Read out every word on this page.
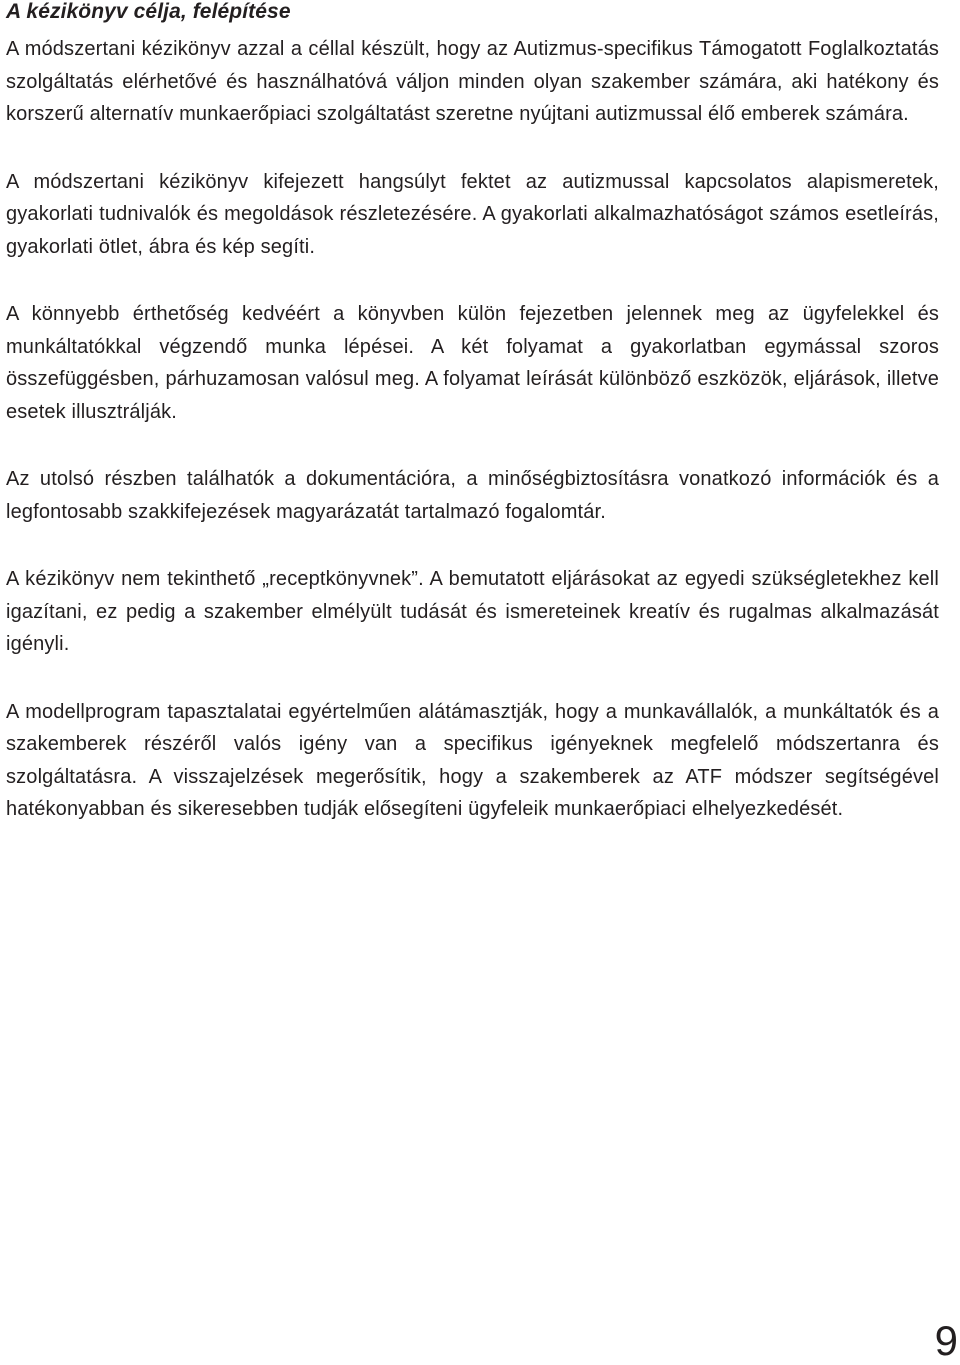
A kézikönyv célja, felépítése

A módszertani kézikönyv azzal a céllal készült, hogy az Autizmus-specifikus Támogatott Foglalkoztatás szolgáltatás elérhetővé és használhatóvá váljon minden olyan szakember számára, aki hatékony és korszerű alternatív munkaerőpiaci szolgáltatást szeretne nyújtani autizmussal élő emberek számára.

A módszertani kézikönyv kifejezett hangsúlyt fektet az autizmussal kapcsolatos alapismeretek, gyakorlati tudnivalók és megoldások részletezésére. A gyakorlati alkalmazhatóságot számos esetleírás, gyakorlati ötlet, ábra és kép segíti.

A könnyebb érthetőség kedvéért a könyvben külön fejezetben jelennek meg az ügyfelekkel és munkáltatókkal végzendő munka lépései. A két folyamat a gyakorlatban egymással szoros összefüggésben, párhuzamosan valósul meg. A folyamat leírását különböző eszközök, eljárások, illetve esetek illusztrálják.

Az utolsó részben találhatók a dokumentációra, a minőségbiztosításra vonatkozó információk és a legfontosabb szakkifejezések magyarázatát tartalmazó fogalomtár.

A kézikönyv nem tekinthető „receptkönyvnek”. A bemutatott eljárásokat az egyedi szükségletekhez kell igazítani, ez pedig a szakember elmélyült tudását és ismereteinek kreatív és rugalmas alkalmazását igényli.

A modellprogram tapasztalatai egyértelműen alátámasztják, hogy a munkavállalók, a munkáltatók és a szakemberek részéről valós igény van a specifikus igényeknek megfelelő módszertanra és szolgáltatásra. A visszajelzések megerősítik, hogy a szakemberek az ATF módszer segítségével hatékonyabban és sikeresebben tudják elősegíteni ügyfeleik munkaerőpiaci elhelyezkedését.

9
